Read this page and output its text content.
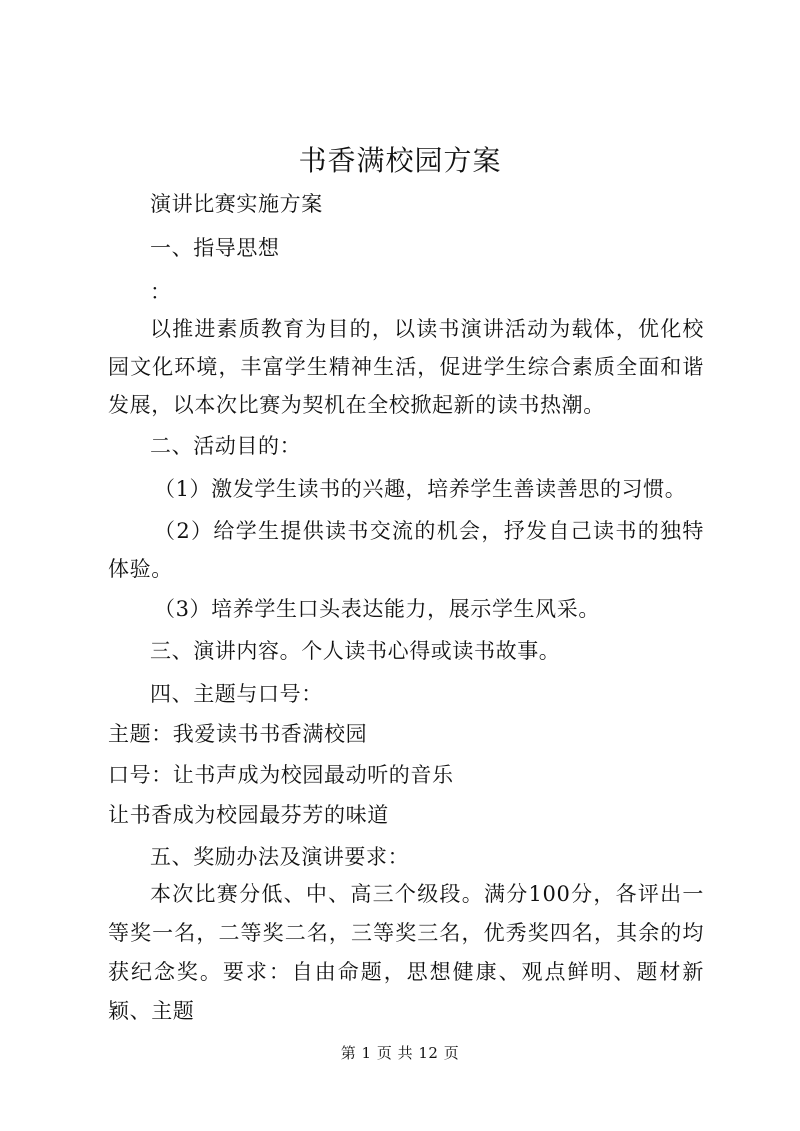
书香满校园方案
演讲比赛实施方案
一、指导思想
：
以推进素质教育为目的，以读书演讲活动为载体，优化校园文化环境，丰富学生精神生活，促进学生综合素质全面和谐发展，以本次比赛为契机在全校掀起新的读书热潮。
二、活动目的：
（1）激发学生读书的兴趣，培养学生善读善思的习惯。
（2）给学生提供读书交流的机会，抒发自己读书的独特体验。
（3）培养学生口头表达能力，展示学生风采。
三、演讲内容。个人读书心得或读书故事。
四、主题与口号：
主题：我爱读书书香满校园
口号：让书声成为校园最动听的音乐
让书香成为校园最芬芳的味道
五、奖励办法及演讲要求：
本次比赛分低、中、高三个级段。满分100分，各评出一等奖一名，二等奖二名，三等奖三名，优秀奖四名，其余的均获纪念奖。要求：自由命题，思想健康、观点鲜明、题材新颖、主题
第 1 页 共 12 页
